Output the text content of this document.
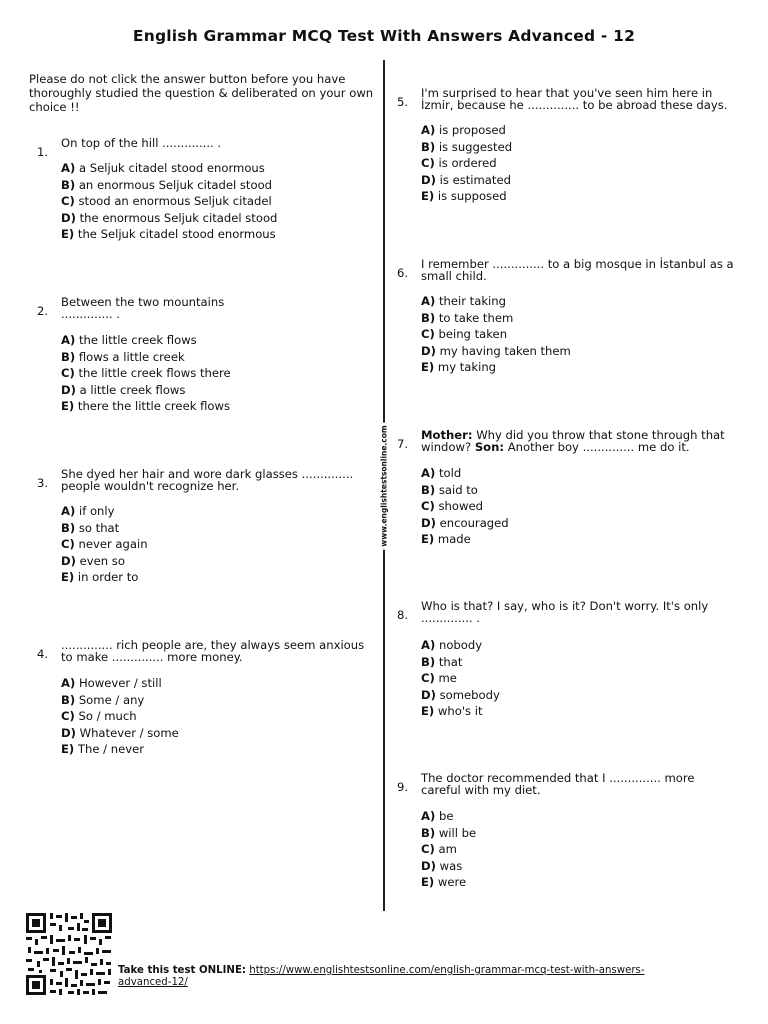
English Grammar MCQ Test With Answers Advanced - 12
Please do not click the answer button before you have thoroughly studied the question & deliberated on your own choice !!
www.englishtestsonline.com
1.
On top of the hill .............. .
A) a Seljuk citadel stood enormous
B) an enormous Seljuk citadel stood
C) stood an enormous Seljuk citadel
D) the enormous Seljuk citadel stood
E) the Seljuk citadel stood enormous
2.
Between the two mountains .............. .
A) the little creek flows
B) flows a little creek
C) the little creek flows there
D) a little creek flows
E) there the little creek flows
3.
She dyed her hair and wore dark glasses .............. people wouldn't recognize her.
A) if only
B) so that
C) never again
D) even so
E) in order to
4.
.............. rich people are, they always seem anxious to make .............. more money.
A) However / still
B) Some / any
C) So / much
D) Whatever / some
E) The / never
5.
I'm surprised to hear that you've seen him here in İzmir, because he .............. to be abroad these days.
A) is proposed
B) is suggested
C) is ordered
D) is estimated
E) is supposed
6.
I remember .............. to a big mosque in İstanbul as a small child.
A) their taking
B) to take them
C) being taken
D) my having taken them
E) my taking
7.
Mother: Why did you throw that stone through that window? Son: Another boy .............. me do it.
A) told
B) said to
C) showed
D) encouraged
E) made
8.
Who is that? I say, who is it? Don't worry. It's only .............. .
A) nobody
B) that
C) me
D) somebody
E) who's it
9.
The doctor recommended that I .............. more careful with my diet.
A) be
B) will be
C) am
D) was
E) were
Take this test ONLINE: https://www.englishtestsonline.com/english-grammar-mcq-test-with-answers-advanced-12/
